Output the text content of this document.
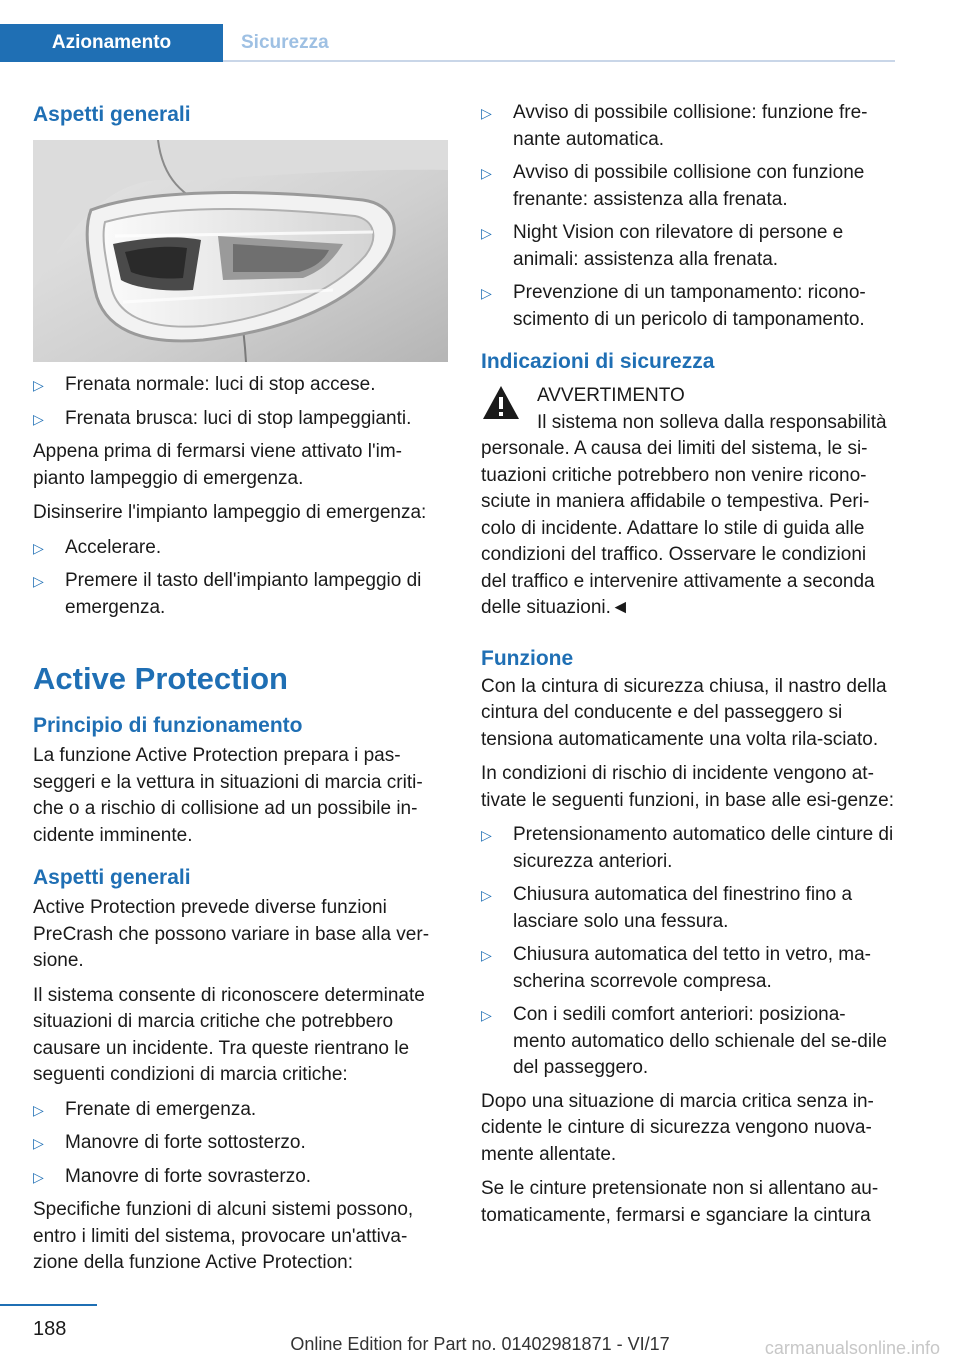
Azionamento	Sicurezza
Aspetti generali
▷ Frenata normale: luci di stop accese.
▷ Frenata brusca: luci di stop lampeggianti.

Appena prima di fermarsi viene attivato l'im-pianto lampeggio di emergenza.

Disinserire l'impianto lampeggio di emergenza:

▷ Accelerare.
▷ Premere il tasto dell'impianto lampeggio di emergenza.
Active Protection
Principio di funzionamento

La funzione Active Protection prepara i pas-seggeri e la vettura in situazioni di marcia criti-che o a rischio di collisione ad un possibile in-cidente imminente.

Aspetti generali

Active Protection prevede diverse funzioni PreCrash che possono variare in base alla ver-sione.

Il sistema consente di riconoscere determinate situazioni di marcia critiche che potrebbero causare un incidente. Tra queste rientrano le seguenti condizioni di marcia critiche:

▷ Frenate di emergenza.
▷ Manovre di forte sottosterzo.
▷ Manovre di forte sovrasterzo.

Specifiche funzioni di alcuni sistemi possono, entro i limiti del sistema, provocare un'attiva-zione della funzione Active Protection:

▷ Avviso di possibile collisione: funzione fre-nante automatica.
▷ Avviso di possibile collisione con funzione frenante: assistenza alla frenata.
▷ Night Vision con rilevatore di persone e animali: assistenza alla frenata.
▷ Prevenzione di un tamponamento: ricono-scimento di un pericolo di tamponamento.
Indicazioni di sicurezza
AVVERTIMENTO
Il sistema non solleva dalla responsabilità personale. A causa dei limiti del sistema, le si-tuazioni critiche potrebbero non venire ricono-sciute in maniera affidabile o tempestiva. Peri-colo di incidente. Adattare lo stile di guida alle condizioni del traffico. Osservare le condizioni del traffico e intervenire attivamente a seconda delle situazioni.◄
Funzione

Con la cintura di sicurezza chiusa, il nastro della cintura del conducente e del passeggero si tensiona automaticamente una volta rila-sciato.

In condizioni di rischio di incidente vengono at-tivate le seguenti funzioni, in base alle esi-genze:

▷ Pretensionamento automatico delle cinture di sicurezza anteriori.
▷ Chiusura automatica del finestrino fino a lasciare solo una fessura.
▷ Chiusura automatica del tetto in vetro, ma-scherina scorrevole compresa.
▷ Con i sedili comfort anteriori: posiziona-mento automatico dello schienale del se-dile del passeggero.

Dopo una situazione di marcia critica senza in-cidente le cinture di sicurezza vengono nuova-mente allentate.

Se le cinture pretensionate non si allentano au-tomaticamente, fermarsi e sganciare la cintura

188
Online Edition for Part no. 01402981871 - VI/17	carmanualsonline.info
